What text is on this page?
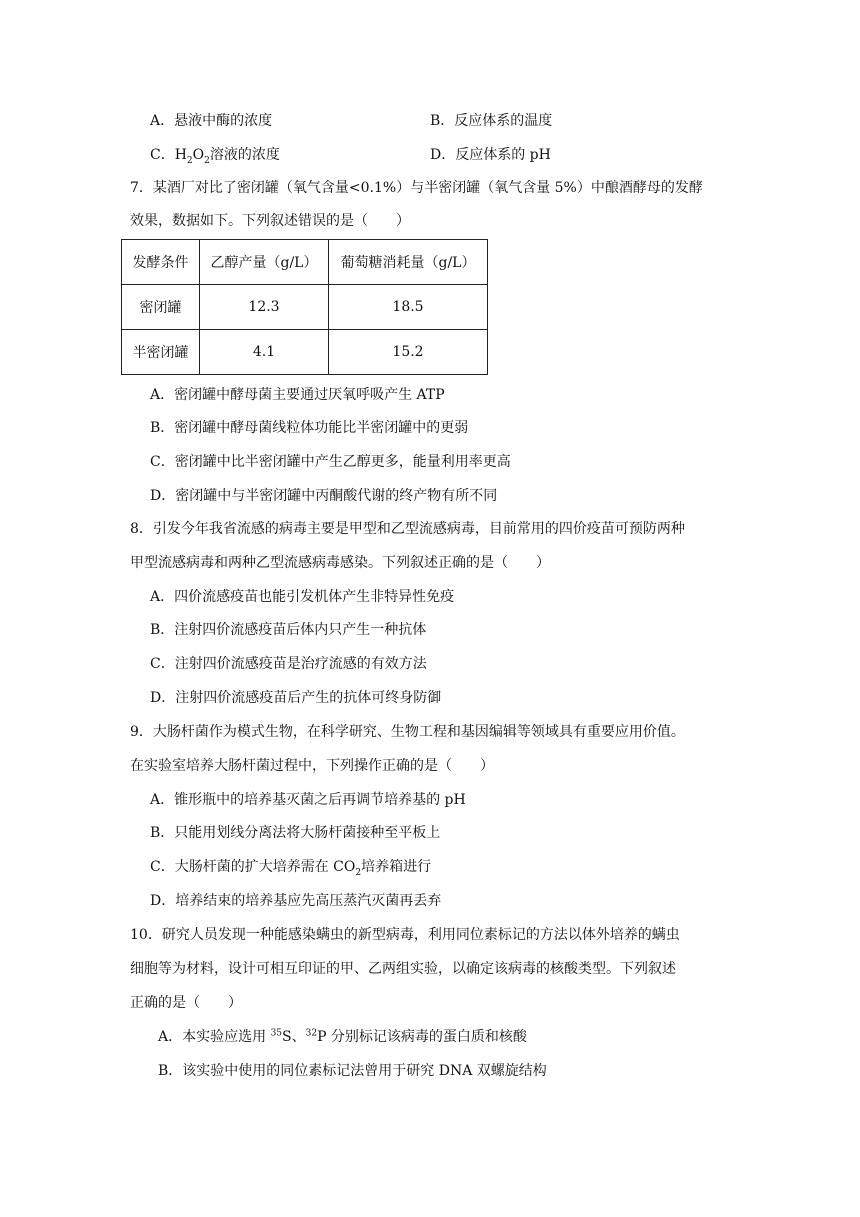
A．悬液中酶的浓度	B．反应体系的温度
C．$H_2O_2$溶液的浓度	D．反应体系的 pH
7．某酒厂对比了密闭罐（氧气含量<0.1%）与半密闭罐（氧气含量 5%）中酿酒酵母的发酵
效果，数据如下。下列叙述错误的是（　　）
发酵条件	乙醇产量（g/L）	葡萄糖消耗量（g/L）
密闭罐	12.3	18.5
半密闭罐	4.1	15.2
A．密闭罐中酵母菌主要通过厌氧呼吸产生 ATP
B．密闭罐中酵母菌线粒体功能比半密闭罐中的更弱
C．密闭罐中比半密闭罐中产生乙醇更多，能量利用率更高
D．密闭罐中与半密闭罐中丙酮酸代谢的终产物有所不同
8．引发今年我省流感的病毒主要是甲型和乙型流感病毒，目前常用的四价疫苗可预防两种
甲型流感病毒和两种乙型流感病毒感染。下列叙述正确的是（　　）
A．四价流感疫苗也能引发机体产生非特异性免疫
B．注射四价流感疫苗后体内只产生一种抗体
C．注射四价流感疫苗是治疗流感的有效方法
D．注射四价流感疫苗后产生的抗体可终身防御
9．大肠杆菌作为模式生物，在科学研究、生物工程和基因编辑等领域具有重要应用价值。
在实验室培养大肠杆菌过程中，下列操作正确的是（　　）
A．锥形瓶中的培养基灭菌之后再调节培养基的 pH
B．只能用划线分离法将大肠杆菌接种至平板上
C．大肠杆菌的扩大培养需在 $CO_2$培养箱进行
D．培养结束的培养基应先高压蒸汽灭菌再丢弃
10．研究人员发现一种能感染螨虫的新型病毒，利用同位素标记的方法以体外培养的螨虫
细胞等为材料，设计可相互印证的甲、乙两组实验，以确定该病毒的核酸类型。下列叙述
正确的是（　　）
A．本实验应选用 $^{35}$S、$^{32}$P 分别标记该病毒的蛋白质和核酸
B．该实验中使用的同位素标记法曾用于研究 DNA 双螺旋结构
